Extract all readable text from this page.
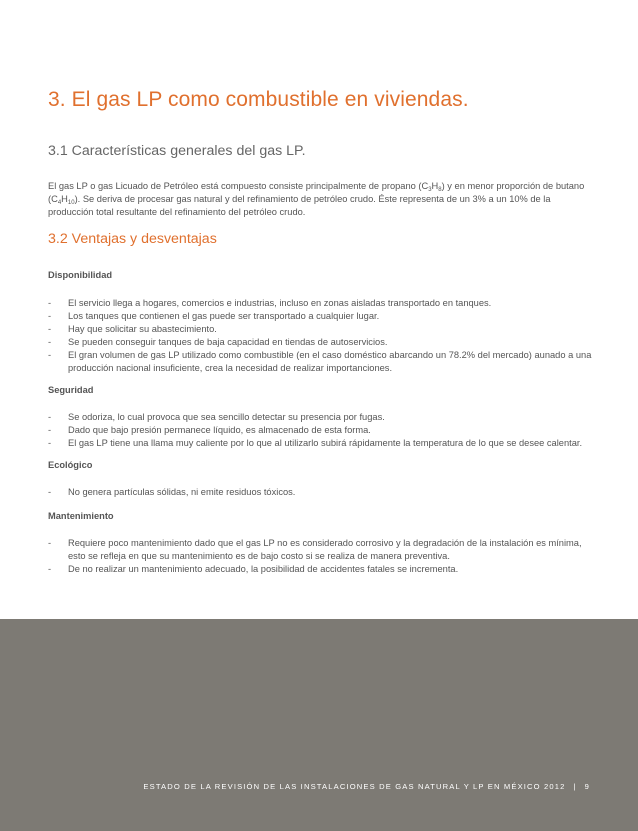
3. El gas LP como combustible en viviendas.
3.1 Características generales del gas LP.

El gas LP o gas Licuado de Petróleo está compuesto consiste principalmente de propano $(C_3H_8)$ y en menor proporción de butano $(C_4H_{10})$. Se deriva de procesar gas natural y del refinamiento de petróleo crudo. Éste representa de un 3% a un 10% de la producción total resultante del refinamiento del petróleo crudo.

3.2 Ventajas y desventajas

Disponibilidad

- El servicio llega a hogares, comercios e industrias, incluso en zonas aisladas transportado en tanques.
- Los tanques que contienen el gas puede ser transportado a cualquier lugar.
- Hay que solicitar su abastecimiento.
- Se pueden conseguir tanques de baja capacidad en tiendas de autoservicios.
- El gran volumen de gas LP utilizado como combustible (en el caso doméstico abarcando un 78.2% del mercado) aunado a una producción nacional insuficiente, crea la necesidad de realizar importanciones.

Seguridad

- Se odoriza, lo cual provoca que sea sencillo detectar su presencia por fugas.
- Dado que bajo presión permanece líquido, es almacenado de esta forma.
- El gas LP tiene una llama muy caliente por lo que al utilizarlo subirá rápidamente la temperatura de lo que se desee calentar.

Ecológico

- No genera partículas sólidas, ni emite residuos tóxicos.

Mantenimiento

- Requiere poco mantenimiento dado que el gas LP no es considerado corrosivo y la degradación de la instalación es mínima, esto se refleja en que su mantenimiento es de bajo costo si se realiza de manera preventiva.
- De no realizar un mantenimiento adecuado, la posibilidad de accidentes fatales se incrementa.
ESTADO DE LA REVISIÓN DE LAS INSTALACIONES DE GAS NATURAL Y LP EN MÉXICO 2012 | 9
